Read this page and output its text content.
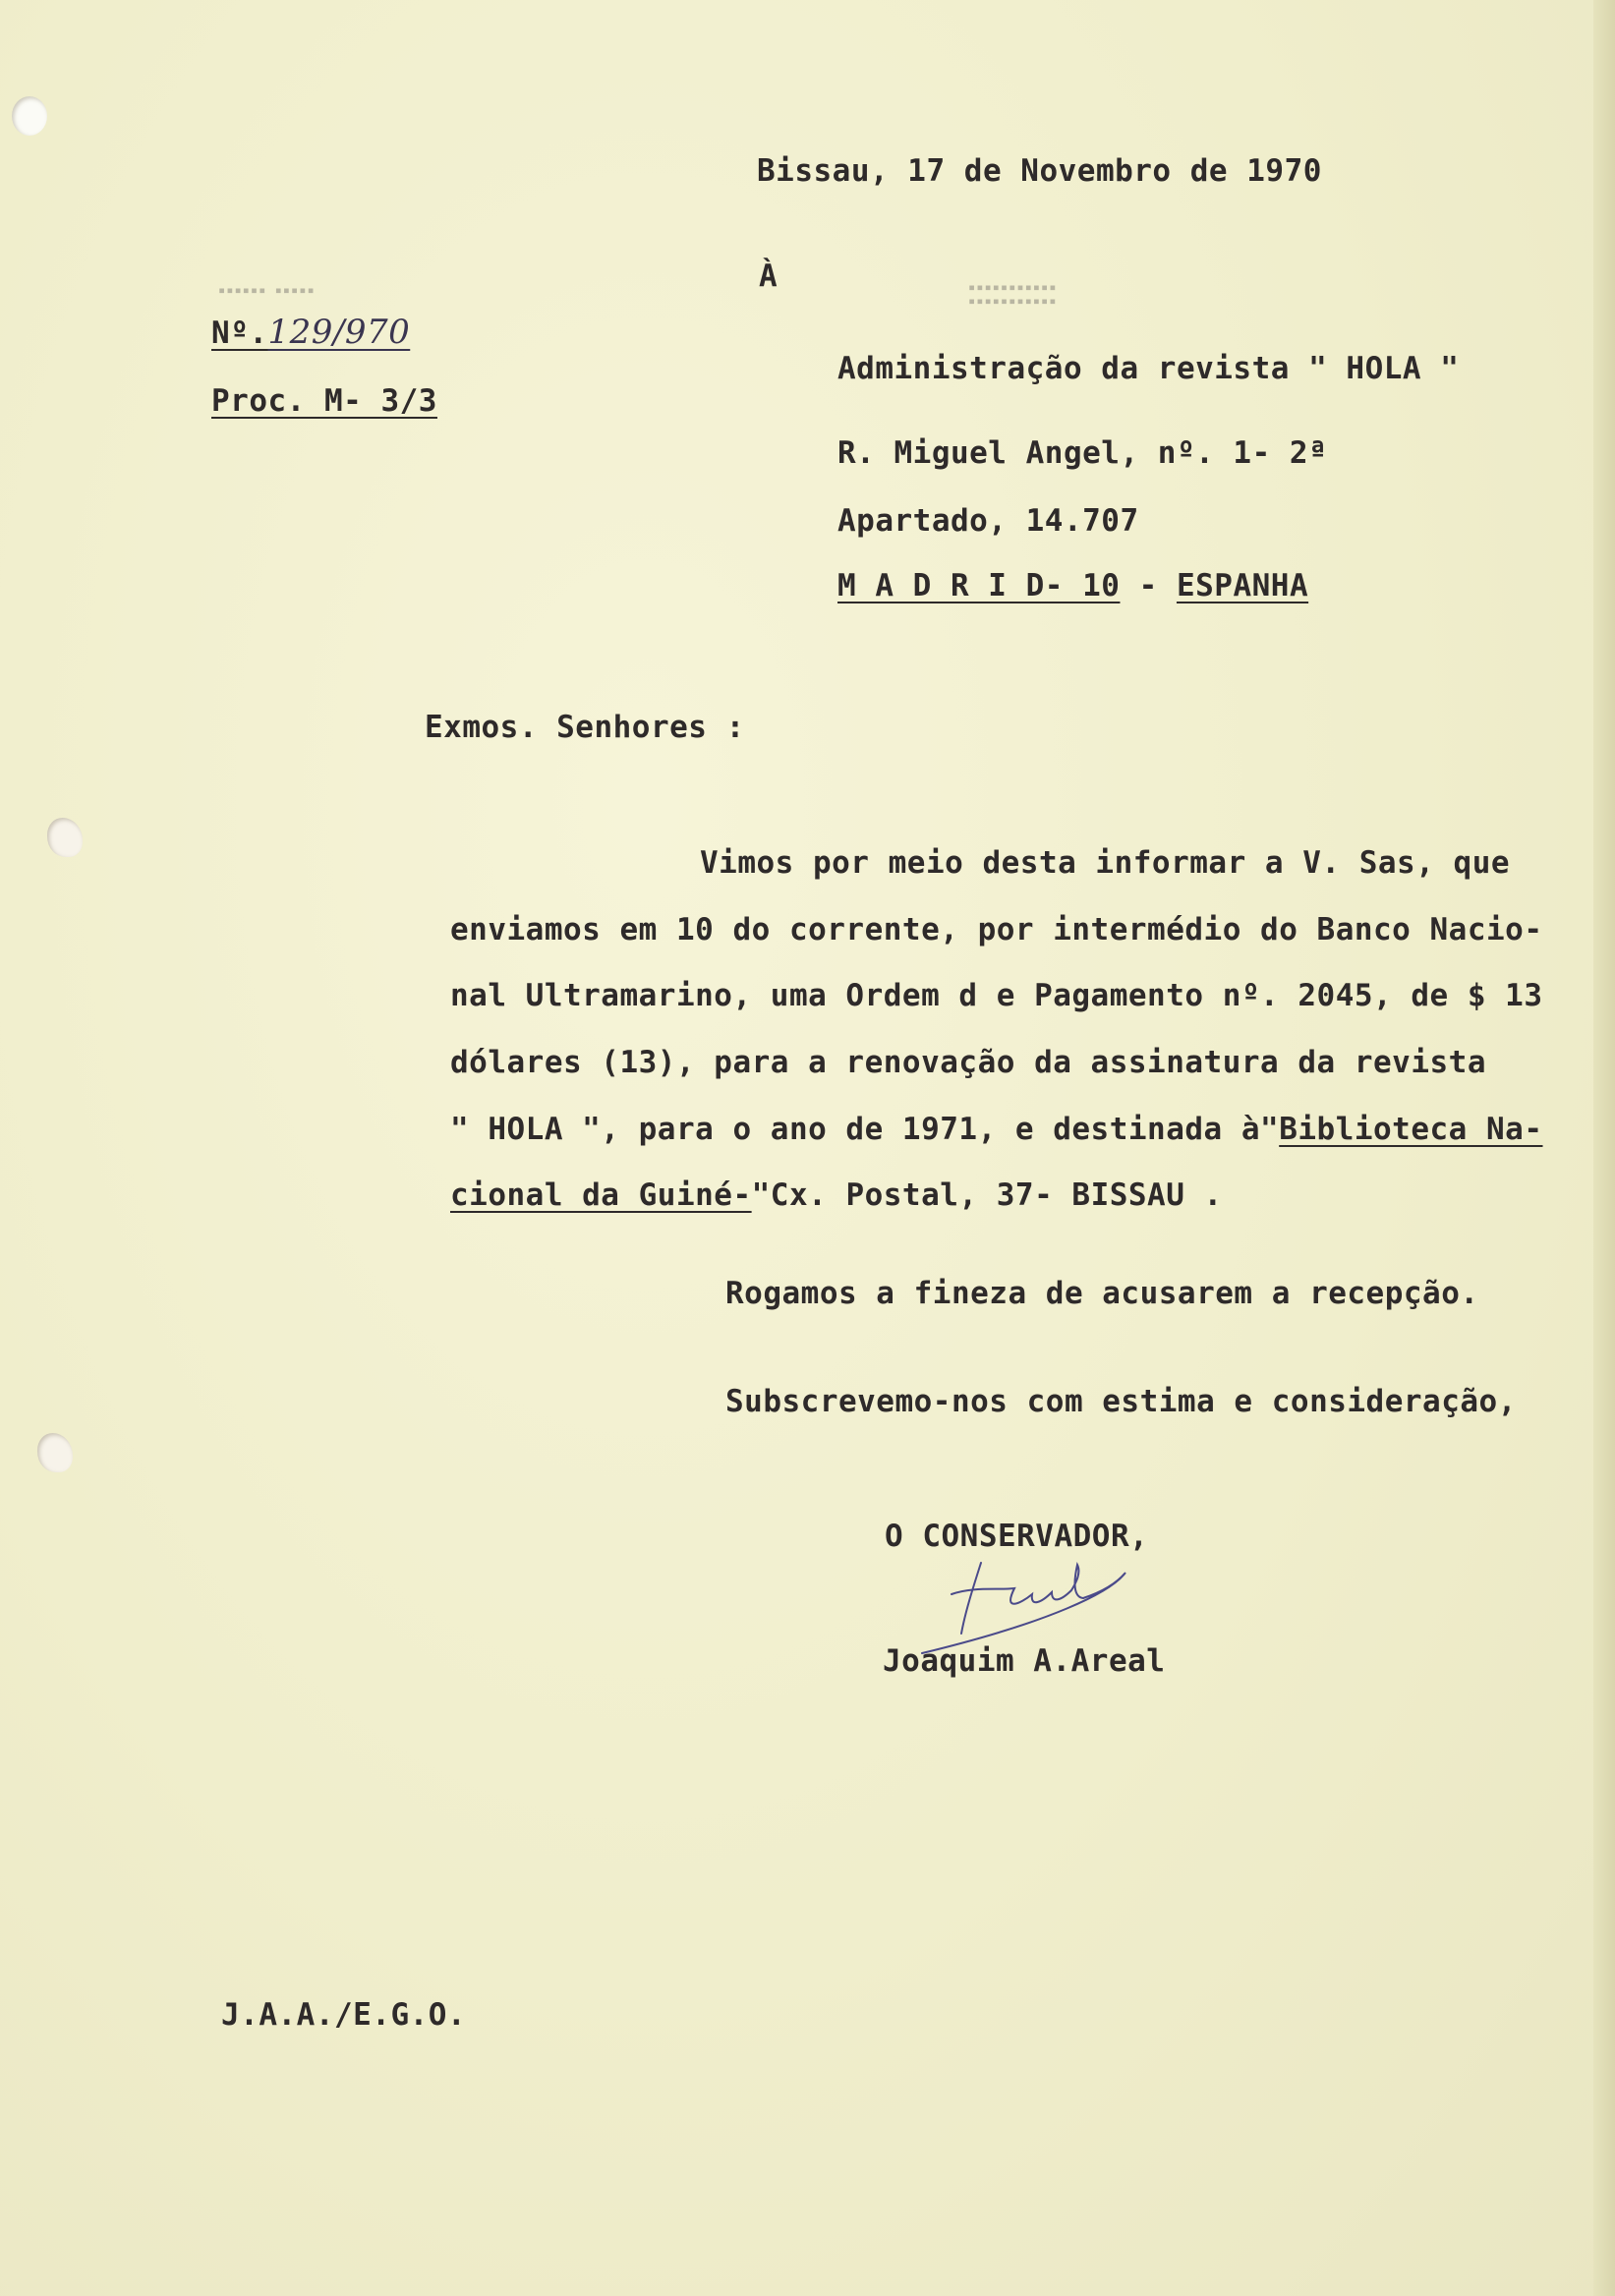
▪▪▪▪▪▪ ▪▪▪▪▪	▪▪▪▪▪▪▪▪▪▪▪
▪▪▪▪▪▪▪▪▪▪▪
Bissau, 17 de Novembro de 1970
À
Nº.129/970
Proc. M- 3/3
Administração da revista " HOLA "
R. Miguel Angel, nº. 1- 2ª
Apartado, 14.707
M A D R I D- 10 - ESPANHA
Exmos. Senhores :
Vimos por meio desta informar a V. Sas, que
enviamos em 10 do corrente, por intermédio do Banco Nacio-
nal Ultramarino, uma Ordem d e Pagamento nº. 2045, de $ 13
dólares (13), para a renovação da assinatura da revista
" HOLA ", para o ano de 1971, e destinada à"Biblioteca Na-
cional da Guiné-"Cx. Postal, 37- BISSAU .
Rogamos a fineza de acusarem a recepção.
Subscrevemo-nos com estima e consideração,
O CONSERVADOR,
Joaquim A.Areal
J.A.A./E.G.O.
